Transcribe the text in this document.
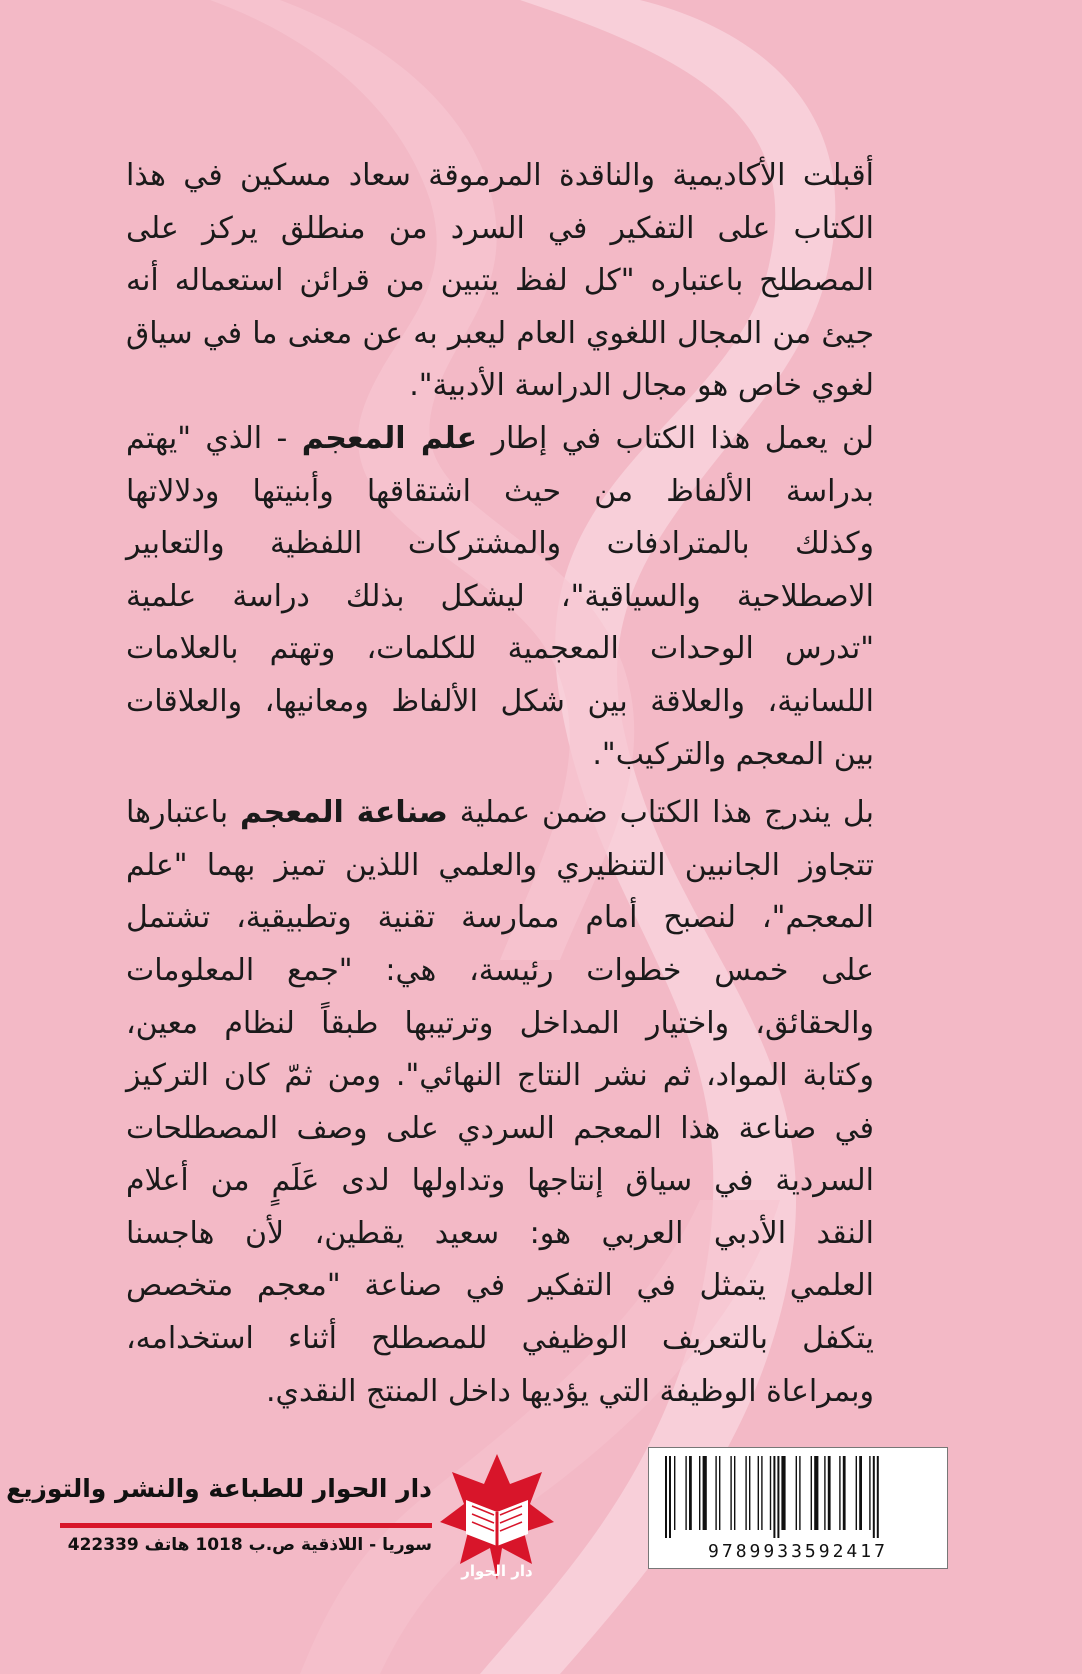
أقبلت الأكاديمية والناقدة المرموقة سعاد مسكين في هذا
الكتاب على التفكير في السرد من منطلق يركز على
المصطلح باعتباره "كل لفظ يتبين من قرائن استعماله أنه
جيئ من المجال اللغوي العام ليعبر به عن معنى ما في سياق
لغوي خاص هو مجال الدراسة الأدبية".
لن يعمل هذا الكتاب في إطار علم المعجم - الذي "يهتم
بدراسة الألفاظ من حيث اشتقاقها وأبنيتها ودلالاتها
وكذلك بالمترادفات والمشتركات اللفظية والتعابير
الاصطلاحية والسياقية"، ليشكل بذلك دراسة علمية
"تدرس الوحدات المعجمية للكلمات، وتهتم بالعلامات
اللسانية، والعلاقة بين شكل الألفاظ ومعانيها، والعلاقات
بين المعجم والتركيب".
بل يندرج هذا الكتاب ضمن عملية صناعة المعجم باعتبارها
تتجاوز الجانبين التنظيري والعلمي اللذين تميز بهما "علم
المعجم"، لنصبح أمام ممارسة تقنية وتطبيقية، تشتمل
على خمس خطوات رئيسة، هي: "جمع المعلومات
والحقائق، واختيار المداخل وترتيبها طبقاً لنظام معين،
وكتابة المواد، ثم نشر النتاج النهائي". ومن ثمّ كان التركيز
في صناعة هذا المعجم السردي على وصف المصطلحات
السردية في سياق إنتاجها وتداولها لدى عَلَمٍ من أعلام
النقد الأدبي العربي هو: سعيد يقطين، لأن هاجسنا
العلمي يتمثل في التفكير في صناعة "معجم متخصص
يتكفل بالتعريف الوظيفي للمصطلح أثناء استخدامه،
وبمراعاة الوظيفة التي يؤديها داخل المنتج النقدي.
9789933592417
دار الحوار
دار الحوار للطباعة والنشر والتوزيع
سوريا - اللاذقية ص.ب 1018 هاتف 422339
